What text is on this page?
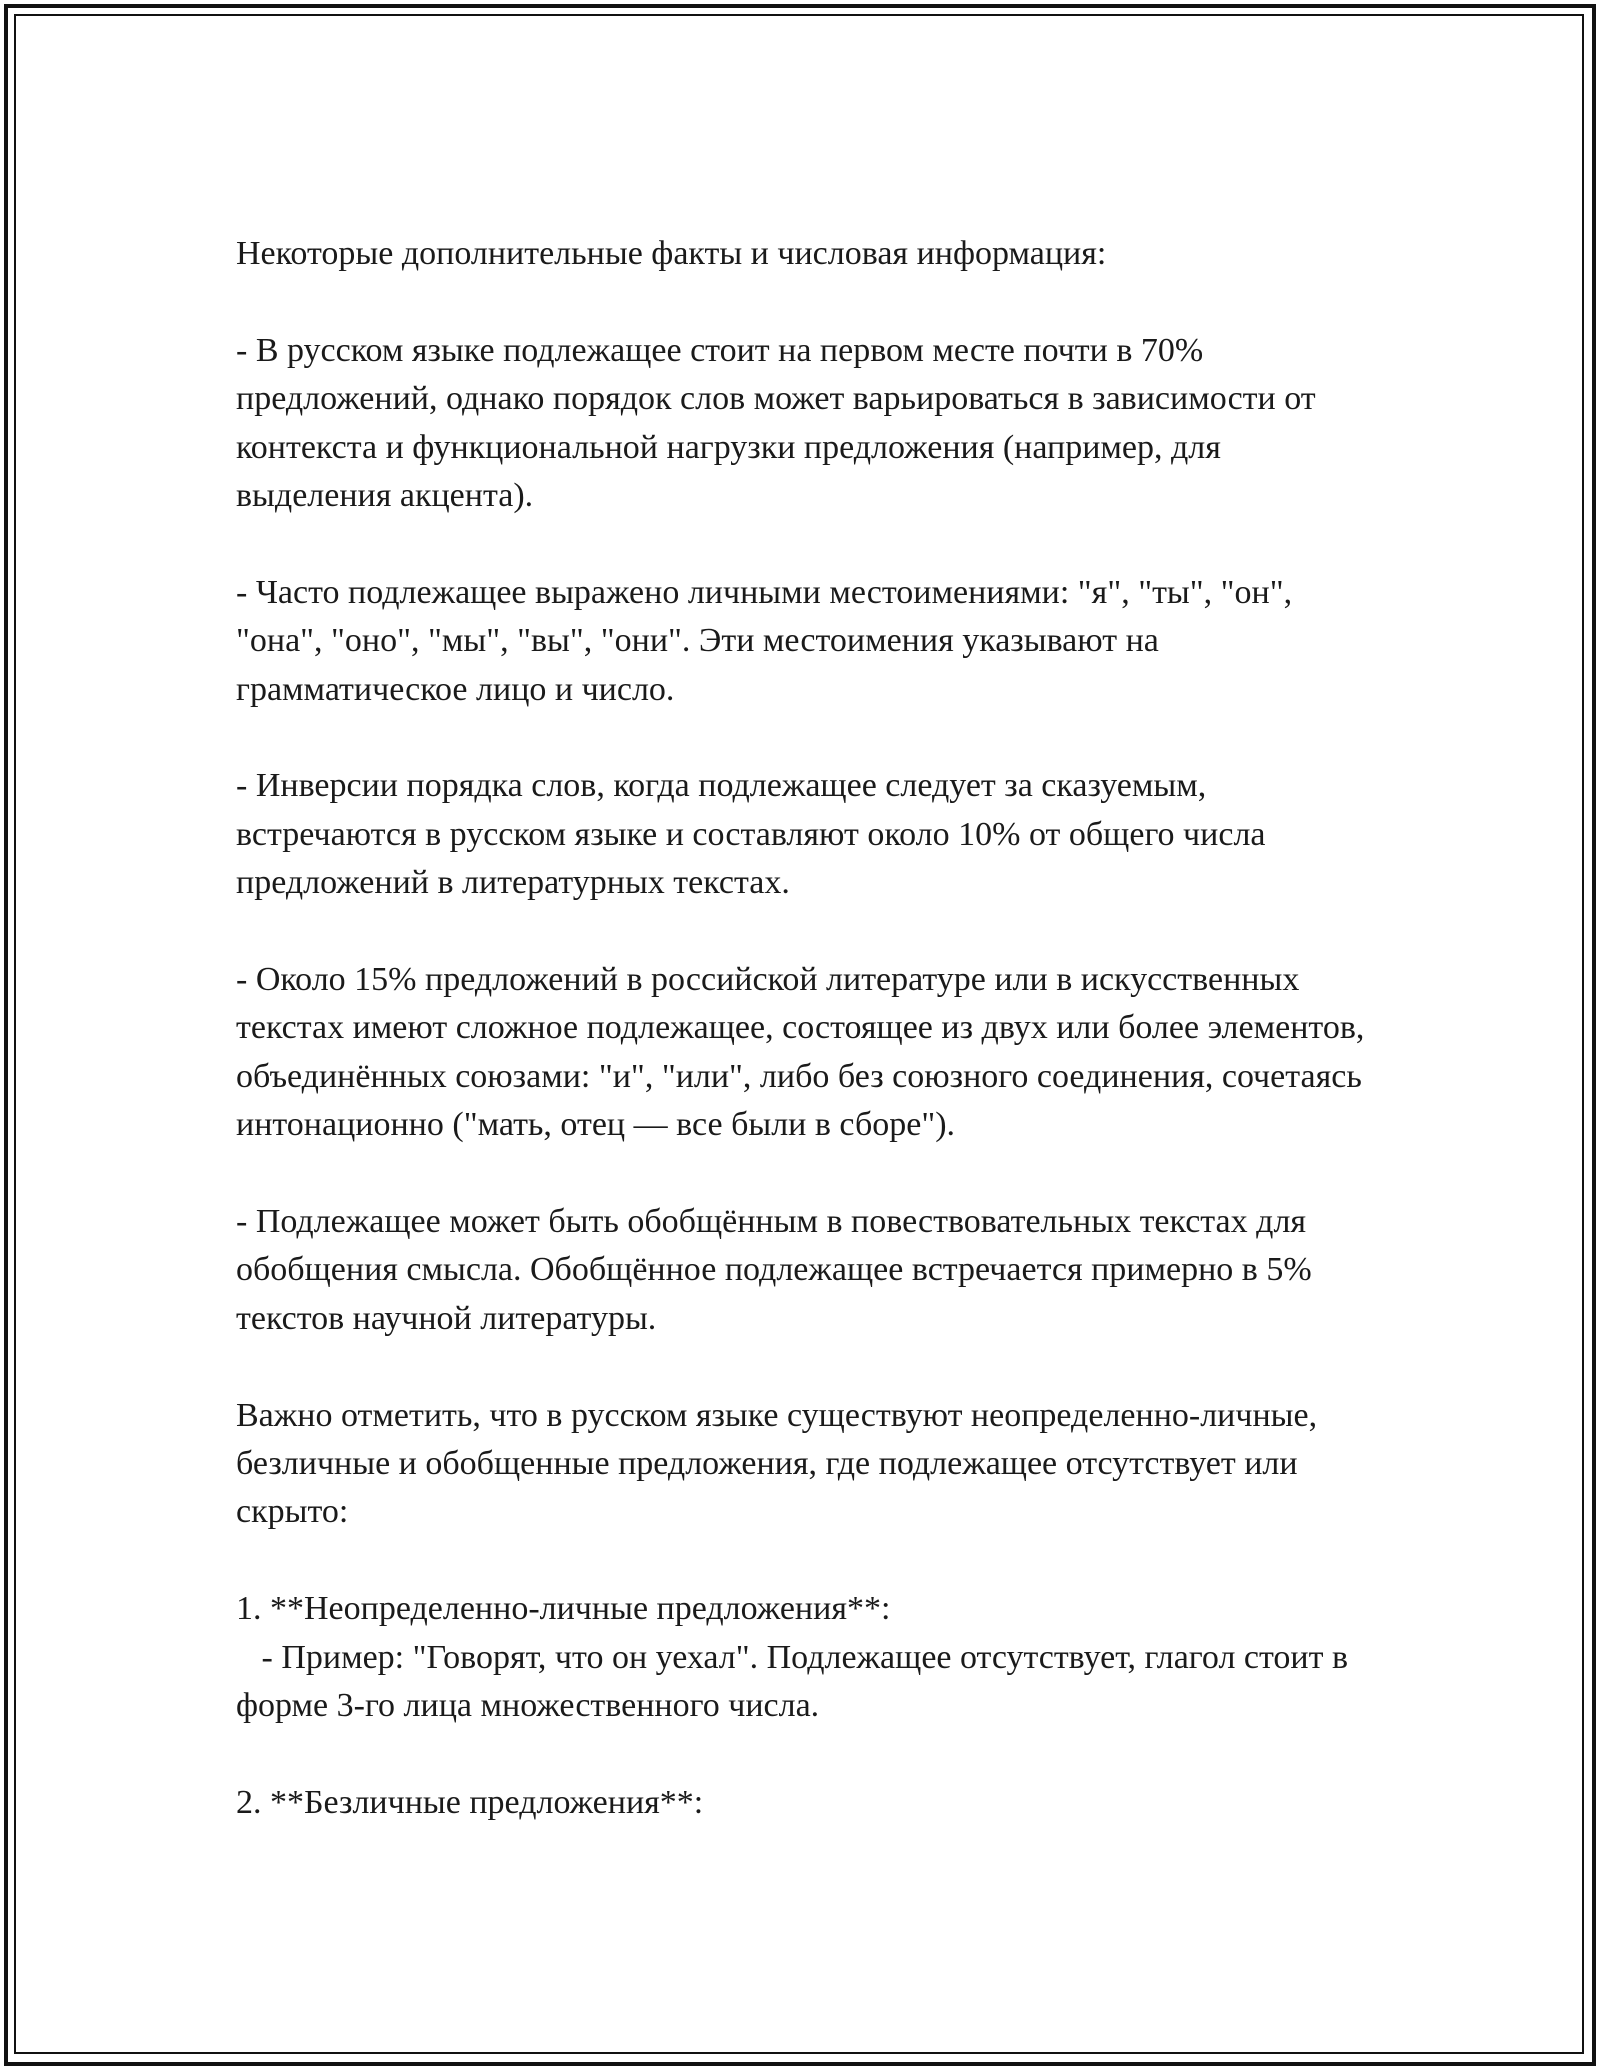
Некоторые дополнительные факты и числовая информация:

- В русском языке подлежащее стоит на первом месте почти в 70% предложений, однако порядок слов может варьироваться в зависимости от контекста и функциональной нагрузки предложения (например, для выделения акцента).

- Часто подлежащее выражено личными местоимениями: "я", "ты", "он", "она", "оно", "мы", "вы", "они". Эти местоимения указывают на грамматическое лицо и число.

- Инверсии порядка слов, когда подлежащее следует за сказуемым, встречаются в русском языке и составляют около 10% от общего числа предложений в литературных текстах.

- Около 15% предложений в российской литературе или в искусственных текстах имеют сложное подлежащее, состоящее из двух или более элементов, объединённых союзами: "и", "или", либо без союзного соединения, сочетаясь интонационно ("мать, отец — все были в сборе").

- Подлежащее может быть обобщённым в повествовательных текстах для обобщения смысла. Обобщённое подлежащее встречается примерно в 5% текстов научной литературы.

Важно отметить, что в русском языке существуют неопределенно-личные, безличные и обобщенные предложения, где подлежащее отсутствует или скрыто:

1. **Неопределенно-личные предложения**:
- Пример: "Говорят, что он уехал". Подлежащее отсутствует, глагол стоит в форме 3-го лица множественного числа.

2. **Безличные предложения**:
